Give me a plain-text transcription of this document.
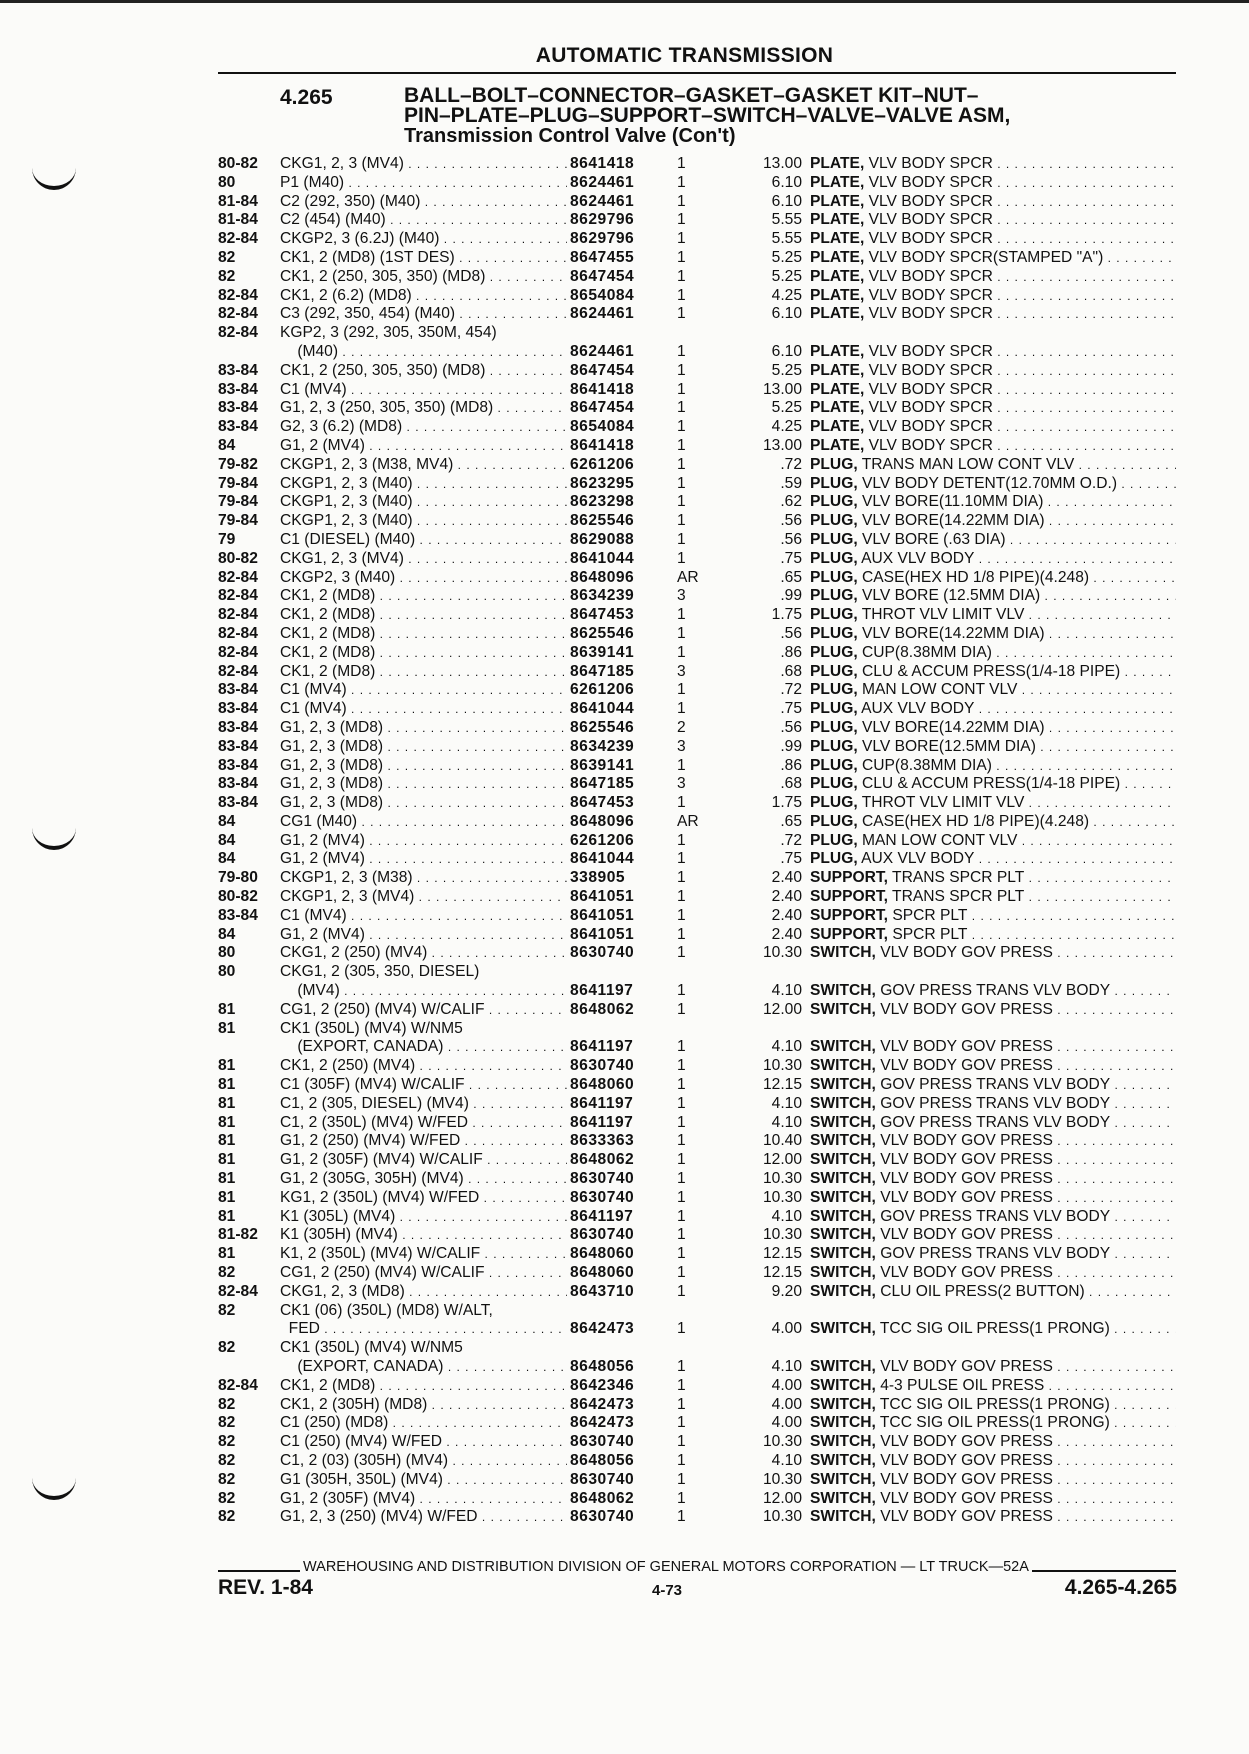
AUTOMATIC TRANSMISSION
4.265	BALL–BOLT–CONNECTOR–GASKET–GASKET KIT–NUT–
PIN–PLATE–PLUG–SUPPORT–SWITCH–VALVE–VALVE ASM,
Transmission Control Valve (Con't)
80-82 CKG1, 2, 3 (MV4) . . .	8641418	1	13.00 PLATE, VLV BODY SPCR . . .
80	P1 (M40) . . .	8624461	1	6.10 PLATE, VLV BODY SPCR . . .
81-84 C2 (292, 350) (M40) . . .	8624461	1	6.10 PLATE, VLV BODY SPCR . . .
81-84 C2 (454) (M40) . . .	8629796	1	5.55 PLATE, VLV BODY SPCR . . .
82-84 CKGP2, 3 (6.2J) (M40) . . .	8629796	1	5.55 PLATE, VLV BODY SPCR . . .
82	CK1, 2 (MD8) (1ST DES) . . .	8647455	1	5.25 PLATE, VLV BODY SPCR(STAMPED "A") . . .
82	CK1, 2 (250, 305, 350) (MD8) . . .	8647454	1	5.25 PLATE, VLV BODY SPCR . . .
82-84 CK1, 2 (6.2) (MD8) . . .	8654084	1	4.25 PLATE, VLV BODY SPCR . . .
82-84 C3 (292, 350, 454) (M40) . . .	8624461	1	6.10 PLATE, VLV BODY SPCR . . .
82-84 KGP2, 3 (292, 305, 350M, 454)
(M40) . . .	8624461	1	6.10 PLATE, VLV BODY SPCR . . .
83-84 CK1, 2 (250, 305, 350) (MD8) . . .	8647454	1	5.25 PLATE, VLV BODY SPCR . . .
83-84 C1 (MV4) . . .	8641418	1	13.00 PLATE, VLV BODY SPCR . . .
83-84 G1, 2, 3 (250, 305, 350) (MD8) . . .	8647454	1	5.25 PLATE, VLV BODY SPCR . . .
83-84 G2, 3 (6.2) (MD8) . . .	8654084	1	4.25 PLATE, VLV BODY SPCR . . .
84	G1, 2 (MV4) . . .	8641418	1	13.00 PLATE, VLV BODY SPCR . . .
79-82 CKGP1, 2, 3 (M38, MV4) . . .	6261206	1	.72 PLUG, TRANS MAN LOW CONT VLV . . .
79-84 CKGP1, 2, 3 (M40) . . .	8623295	1	.59 PLUG, VLV BODY DETENT(12.70MM O.D.) . . .
79-84 CKGP1, 2, 3 (M40) . . .	8623298	1	.62 PLUG, VLV BORE(11.10MM DIA) . . .
79-84 CKGP1, 2, 3 (M40) . . .	8625546	1	.56 PLUG, VLV BORE(14.22MM DIA) . . .
79	C1 (DIESEL) (M40) . . .	8629088	1	.56 PLUG, VLV BORE (.63 DIA) . . .
80-82 CKG1, 2, 3 (MV4) . . .	8641044	1	.75 PLUG, AUX VLV BODY . . .
82-84 CKGP2, 3 (M40) . . .	8648096	AR	.65 PLUG, CASE(HEX HD 1/8 PIPE)(4.248) . . .
82-84 CK1, 2 (MD8) . . .	8634239	3	.99 PLUG, VLV BORE (12.5MM DIA) . . .
82-84 CK1, 2 (MD8) . . .	8647453	1	1.75 PLUG, THROT VLV LIMIT VLV . . .
82-84 CK1, 2 (MD8) . . .	8625546	1	.56 PLUG, VLV BORE(14.22MM DIA) . . .
82-84 CK1, 2 (MD8) . . .	8639141	1	.86 PLUG, CUP(8.38MM DIA) . . .
82-84 CK1, 2 (MD8) . . .	8647185	3	.68 PLUG, CLU & ACCUM PRESS(1/4-18 PIPE) . . .
83-84 C1 (MV4) . . .	6261206	1	.72 PLUG, MAN LOW CONT VLV . . .
83-84 C1 (MV4) . . .	8641044	1	.75 PLUG, AUX VLV BODY . . .
83-84 G1, 2, 3 (MD8) . . .	8625546	2	.56 PLUG, VLV BORE(14.22MM DIA) . . .
83-84 G1, 2, 3 (MD8) . . .	8634239	3	.99 PLUG, VLV BORE(12.5MM DIA) . . .
83-84 G1, 2, 3 (MD8) . . .	8639141	1	.86 PLUG, CUP(8.38MM DIA) . . .
83-84 G1, 2, 3 (MD8) . . .	8647185	3	.68 PLUG, CLU & ACCUM PRESS(1/4-18 PIPE) . . .
83-84 G1, 2, 3 (MD8) . . .	8647453	1	1.75 PLUG, THROT VLV LIMIT VLV . . .
84	CG1 (M40) . . .	8648096	AR	.65 PLUG, CASE(HEX HD 1/8 PIPE)(4.248) . . .
84	G1, 2 (MV4) . . .	6261206	1	.72 PLUG, MAN LOW CONT VLV . . .
84	G1, 2 (MV4) . . .	8641044	1	.75 PLUG, AUX VLV BODY . . .
79-80 CKGP1, 2, 3 (M38) . . .	338905	1	2.40 SUPPORT, TRANS SPCR PLT . . .
80-82 CKGP1, 2, 3 (MV4) . . .	8641051	1	2.40 SUPPORT, TRANS SPCR PLT . . .
83-84 C1 (MV4) . . .	8641051	1	2.40 SUPPORT, SPCR PLT . . .
84	G1, 2 (MV4) . . .	8641051	1	2.40 SUPPORT, SPCR PLT . . .
80	CKG1, 2 (250) (MV4) . . .	8630740	1	10.30 SWITCH, VLV BODY GOV PRESS . . .
80	CKG1, 2 (305, 350, DIESEL)
(MV4) . . .	8641197	1	4.10 SWITCH, GOV PRESS TRANS VLV BODY . . .
81	CG1, 2 (250) (MV4) W/CALIF . . .	8648062	1	12.00 SWITCH, VLV BODY GOV PRESS . . .
81	CK1 (350L) (MV4) W/NM5
(EXPORT, CANADA) . . .	8641197	1	4.10 SWITCH, VLV BODY GOV PRESS . . .
81	CK1, 2 (250) (MV4) . . .	8630740	1	10.30 SWITCH, VLV BODY GOV PRESS . . .
81	C1 (305F) (MV4) W/CALIF . . .	8648060	1	12.15 SWITCH, GOV PRESS TRANS VLV BODY . . .
81	C1, 2 (305, DIESEL) (MV4) . . .	8641197	1	4.10 SWITCH, GOV PRESS TRANS VLV BODY . . .
81	C1, 2 (350L) (MV4) W/FED . . .	8641197	1	4.10 SWITCH, GOV PRESS TRANS VLV BODY . . .
81	G1, 2 (250) (MV4) W/FED . . .	8633363	1	10.40 SWITCH, VLV BODY GOV PRESS . . .
81	G1, 2 (305F) (MV4) W/CALIF . . .	8648062	1	12.00 SWITCH, VLV BODY GOV PRESS . . .
81	G1, 2 (305G, 305H) (MV4) . . .	8630740	1	10.30 SWITCH, VLV BODY GOV PRESS . . .
81	KG1, 2 (350L) (MV4) W/FED . . .	8630740	1	10.30 SWITCH, VLV BODY GOV PRESS . . .
81	K1 (305L) (MV4) . . .	8641197	1	4.10 SWITCH, GOV PRESS TRANS VLV BODY . . .
81-82 K1 (305H) (MV4) . . .	8630740	1	10.30 SWITCH, VLV BODY GOV PRESS . . .
81	K1, 2 (350L) (MV4) W/CALIF . . .	8648060	1	12.15 SWITCH, GOV PRESS TRANS VLV BODY . . .
82	CG1, 2 (250) (MV4) W/CALIF . . .	8648060	1	12.15 SWITCH, VLV BODY GOV PRESS . . .
82-84 CKG1, 2, 3 (MD8) . . .	8643710	1	9.20 SWITCH, CLU OIL PRESS(2 BUTTON) . . .
82	CK1 (06) (350L) (MD8) W/ALT,
FED . . .	8642473	1	4.00 SWITCH, TCC SIG OIL PRESS(1 PRONG) . . .
82	CK1 (350L) (MV4) W/NM5
(EXPORT, CANADA) . . .	8648056	1	4.10 SWITCH, VLV BODY GOV PRESS . . .
82-84 CK1, 2 (MD8) . . .	8642346	1	4.00 SWITCH, 4-3 PULSE OIL PRESS . . .
82	CK1, 2 (305H) (MD8) . . .	8642473	1	4.00 SWITCH, TCC SIG OIL PRESS(1 PRONG) . . .
82	C1 (250) (MD8) . . .	8642473	1	4.00 SWITCH, TCC SIG OIL PRESS(1 PRONG) . . .
82	C1 (250) (MV4) W/FED . . .	8630740	1	10.30 SWITCH, VLV BODY GOV PRESS . . .
82	C1, 2 (03) (305H) (MV4) . . .	8648056	1	4.10 SWITCH, VLV BODY GOV PRESS . . .
82	G1 (305H, 350L) (MV4) . . .	8630740	1	10.30 SWITCH, VLV BODY GOV PRESS . . .
82	G1, 2 (305F) (MV4) . . .	8648062	1	12.00 SWITCH, VLV BODY GOV PRESS . . .
82	G1, 2, 3 (250) (MV4) W/FED . . .	8630740	1	10.30 SWITCH, VLV BODY GOV PRESS . . .
WAREHOUSING AND DISTRIBUTION DIVISION OF GENERAL MOTORS CORPORATION — LT TRUCK—52A
REV. 1-84	4-73	4.265-4.265
